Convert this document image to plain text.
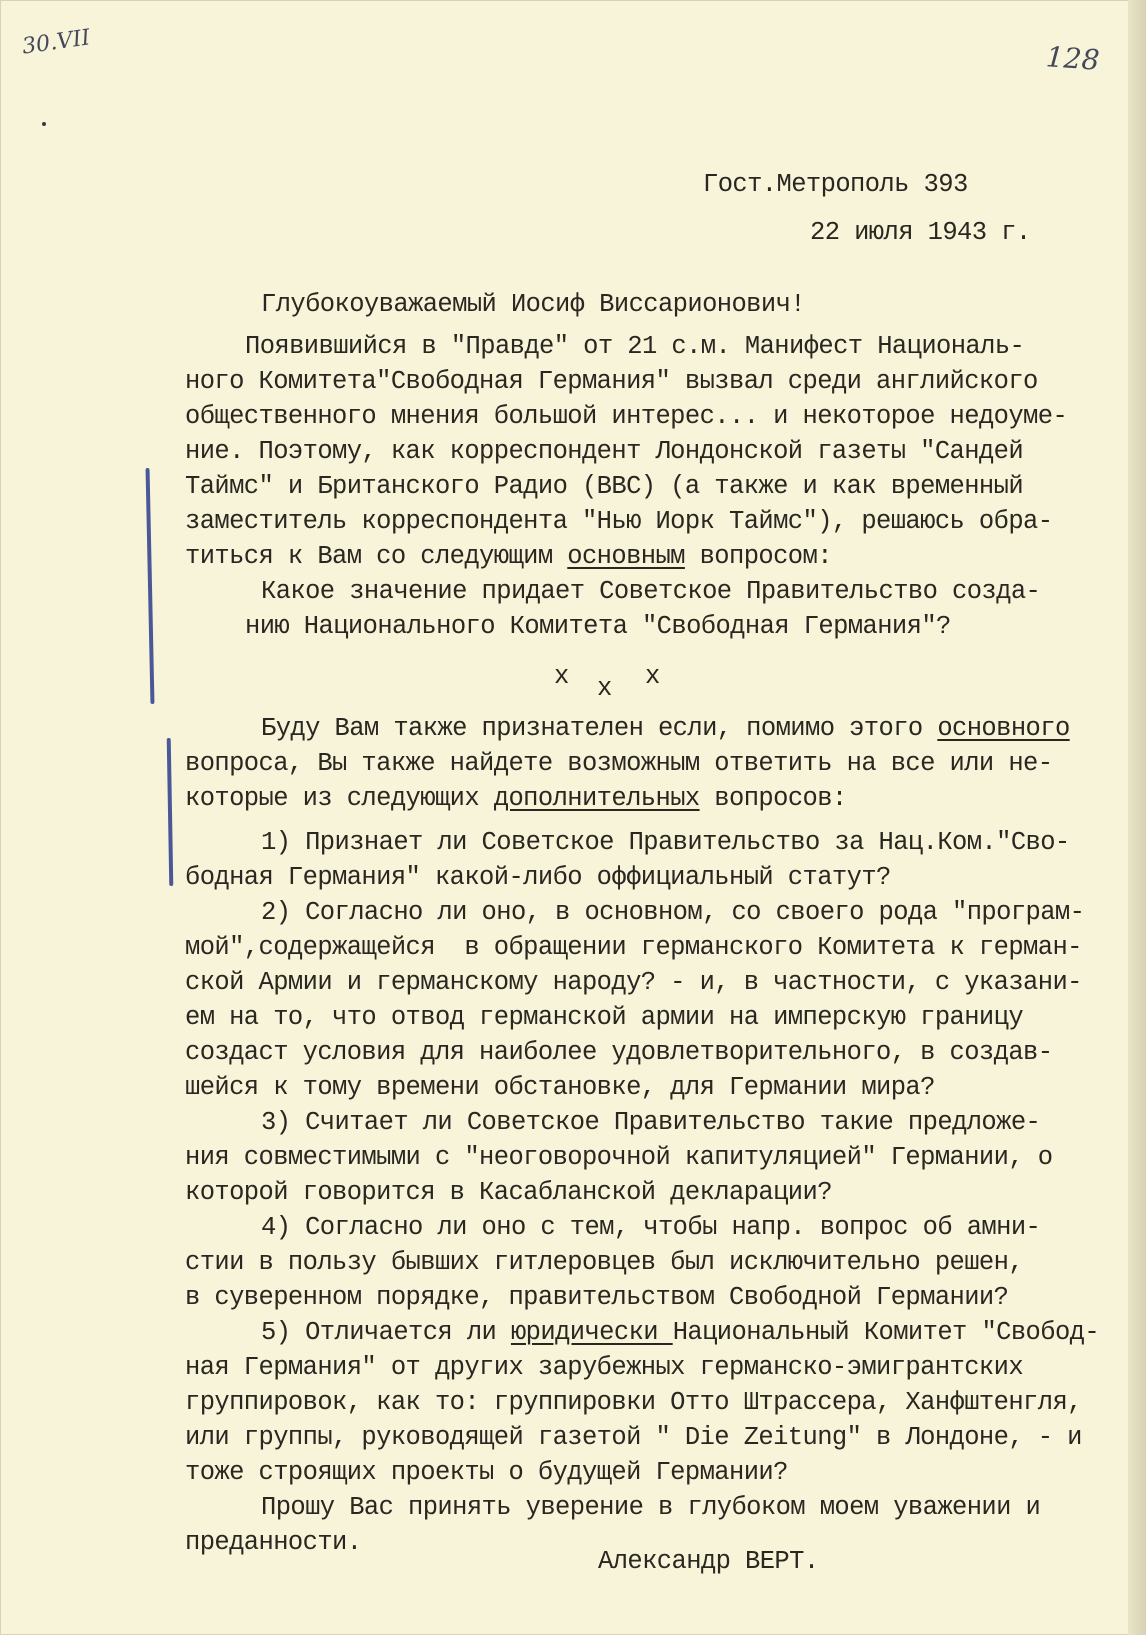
30.VII	128
Гост.Метрополь 393
22 июля 1943 г.
Глубокоуважаемый Иосиф Виссарионович!
Появившийся в "Правде" от 21 с.м. Манифест Националь-
ного Комитета"Свободная Германия" вызвал среди английского
общественного мнения большой интерес... и некоторое недоуме-
ние. Поэтому, как корреспондент Лондонской газеты "Сандей
Таймс" и Британского Радио (BBC) (а также и как временный
заместитель корреспондента "Нью Иорк Таймс"), решаюсь обра-
титься к Вам со следующим основным вопросом:
Какое значение придает Советское Правительство созда-
нию Национального Комитета "Свободная Германия"?
x x x
Буду Вам также признателен если, помимо этого основного
вопроса, Вы также найдете возможным ответить на все или не-
которые из следующих дополнительных вопросов:
1) Признает ли Советское Правительство за Нац.Ком."Сво-
бодная Германия" какой-либо оффициальный статут?
2) Согласно ли оно, в основном, со своего рода "програм-
мой",содержащейся  в обращении германского Комитета к герман-
ской Армии и германскому народу? - и, в частности, с указани-
ем на то, что отвод германской армии на имперскую границу
создаст условия для наиболее удовлетворительного, в создав-
шейся к тому времени обстановке, для Германии мира?
3) Считает ли Советское Правительство такие предложе-
ния совместимыми с "неоговорочной капитуляцией" Германии, о
которой говорится в Касабланской декларации?
4) Согласно ли оно с тем, чтобы напр. вопрос об амни-
стии в пользу бывших гитлеровцев был исключительно решен,
в суверенном порядке, правительством Свободной Германии?
5) Отличается ли юридически Национальный Комитет "Свобод-
ная Германия" от других зарубежных германско-эмигрантских
группировок, как то: группировки Отто Штрассера, Ханфштенгля,
или группы, руководящей газетой " Die Zeitung" в Лондоне, - и
тоже строящих проекты о будущей Германии?
Прошу Вас принять уверение в глубоком моем уважении и
преданности.
Александр ВЕРТ.
